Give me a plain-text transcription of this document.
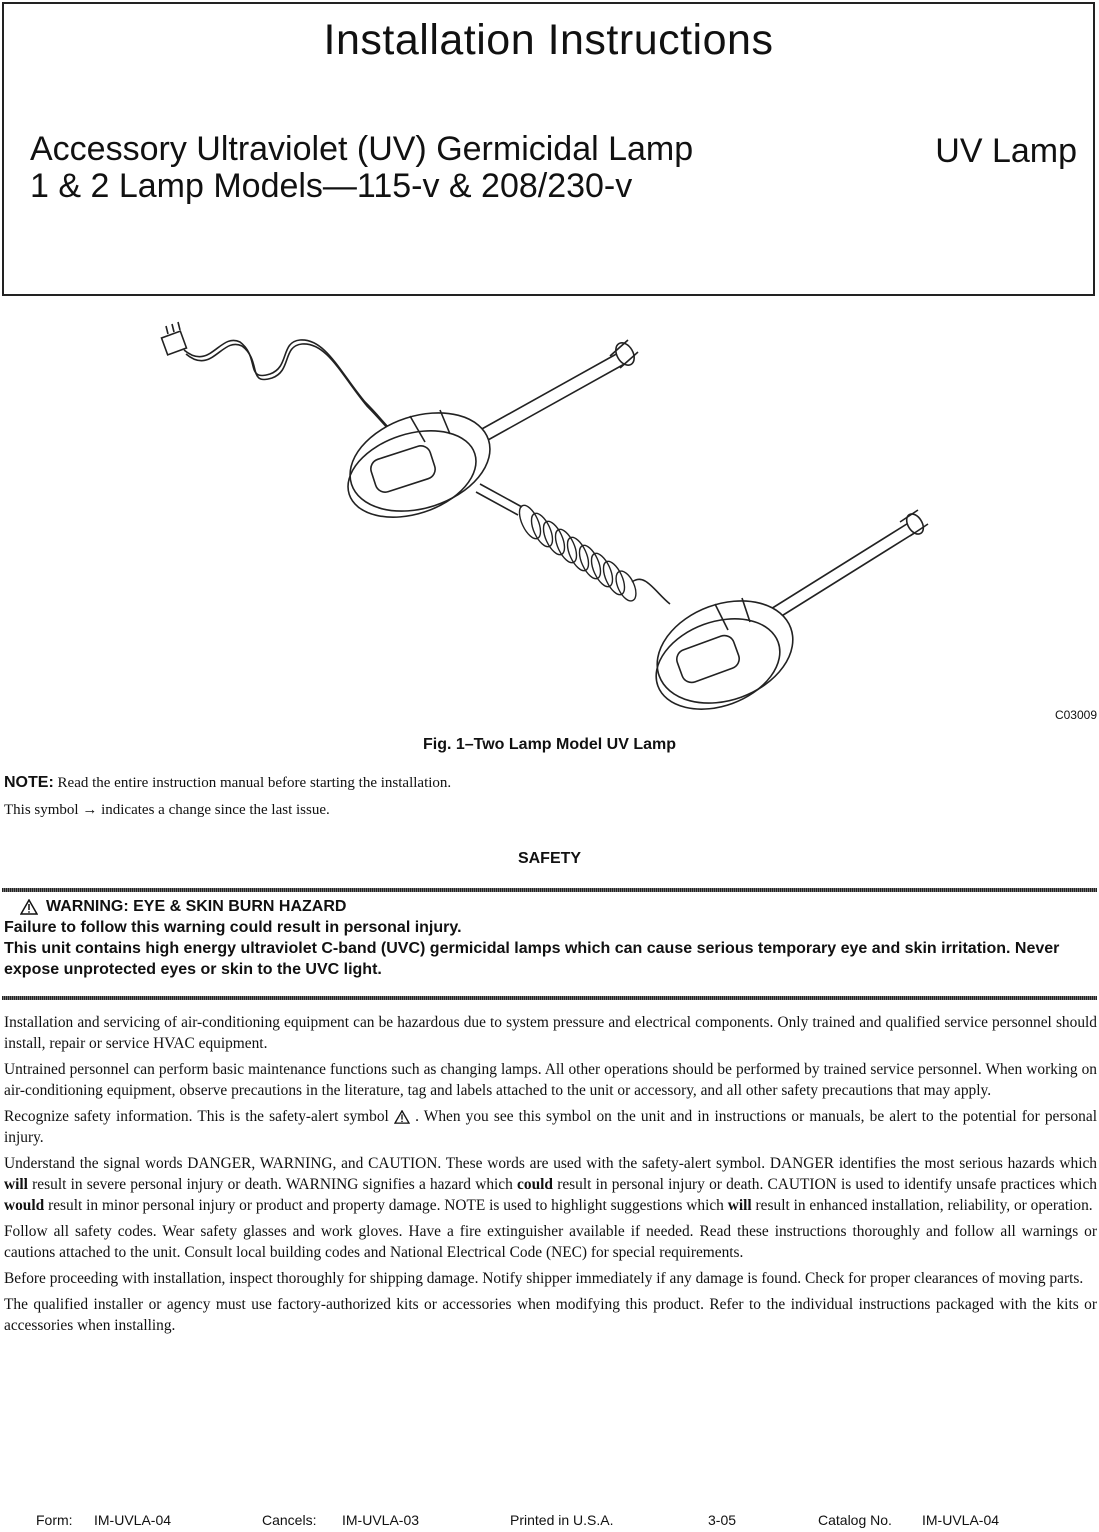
Installation Instructions
Accessory Ultraviolet (UV) Germicidal Lamp
1 & 2 Lamp Models—115-v & 208/230-v
UV Lamp
C03009
Fig. 1–Two Lamp Model UV Lamp
NOTE: Read the entire instruction manual before starting the installation.
This symbol → indicates a change since the last issue.
SAFETY
WARNING: EYE & SKIN BURN HAZARD
Failure to follow this warning could result in personal injury.
This unit contains high energy ultraviolet C-band (UVC) germicidal lamps which can cause serious temporary eye and skin irritation. Never expose unprotected eyes or skin to the UVC light.

Installation and servicing of air-conditioning equipment can be hazardous due to system pressure and electrical components. Only trained and qualified service personnel should install, repair or service HVAC equipment.

Untrained personnel can perform basic maintenance functions such as changing lamps. All other operations should be performed by trained service personnel. When working on air-conditioning equipment, observe precautions in the literature, tag and labels attached to the unit or accessory, and all other safety precautions that may apply.

Recognize safety information. This is the safety-alert symbol . When you see this symbol on the unit and in instructions or manuals, be alert to the potential for personal injury.

Understand the signal words DANGER, WARNING, and CAUTION. These words are used with the safety-alert symbol. DANGER identifies the most serious hazards which will result in severe personal injury or death. WARNING signifies a hazard which could result in personal injury or death. CAUTION is used to identify unsafe practices which would result in minor personal injury or product and property damage. NOTE is used to highlight suggestions which will result in enhanced installation, reliability, or operation.

Follow all safety codes. Wear safety glasses and work gloves. Have a fire extinguisher available if needed. Read these instructions thoroughly and follow all warnings or cautions attached to the unit. Consult local building codes and National Electrical Code (NEC) for special requirements.

Before proceeding with installation, inspect thoroughly for shipping damage. Notify shipper immediately if any damage is found. Check for proper clearances of moving parts.

The qualified installer or agency must use factory-authorized kits or accessories when modifying this product. Refer to the individual instructions packaged with the kits or accessories when installing.

Form: IM-UVLA-04	Cancels: IM-UVLA-03	Printed in U.S.A.	3-05	Catalog No. IM-UVLA-04
